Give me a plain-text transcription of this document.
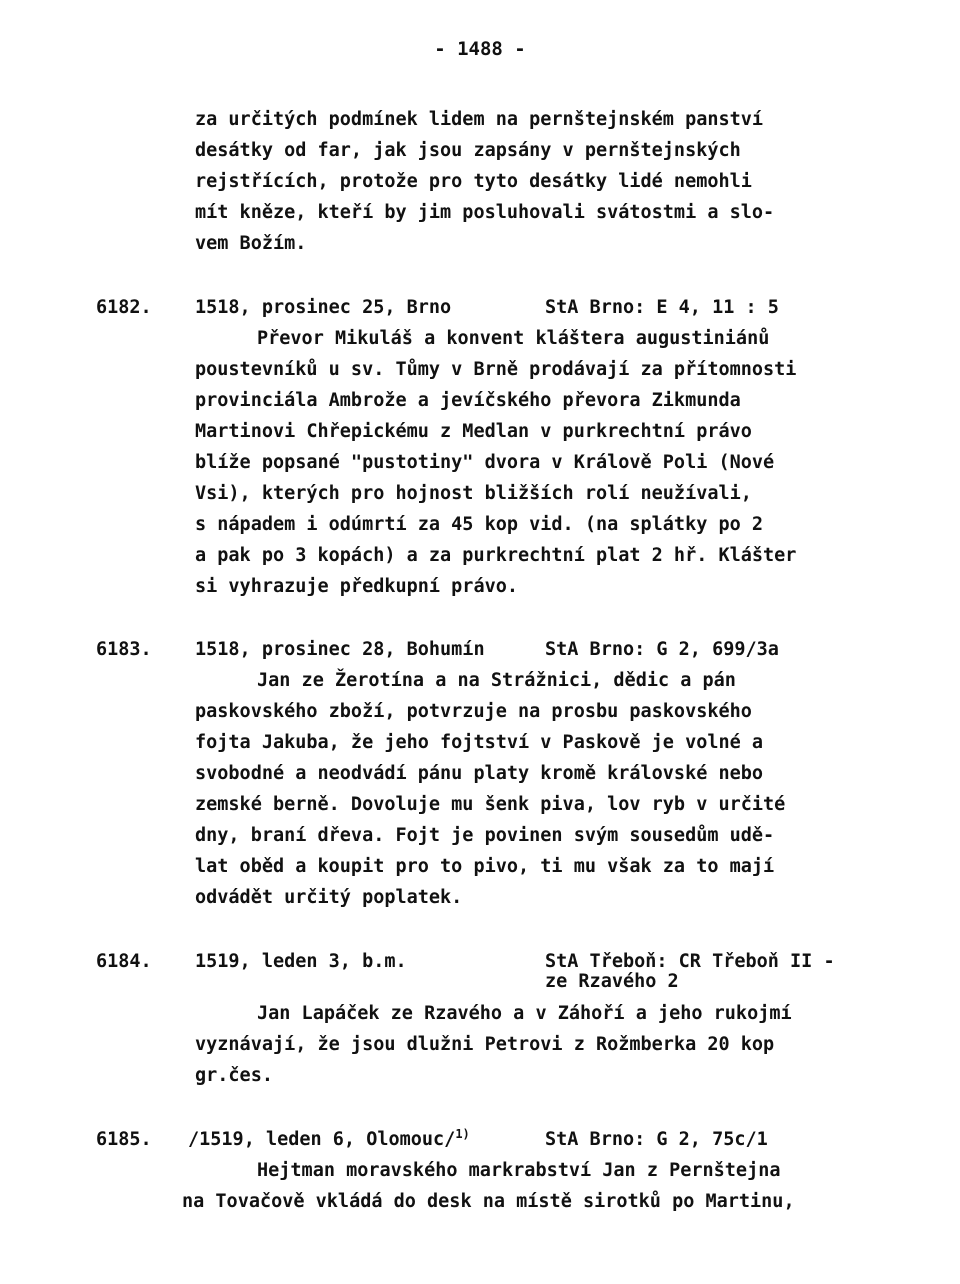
- 1488 -
za určitých podmínek lidem na pernštejnském panství
desátky od far, jak jsou zapsány v pernštejnských
rejstřících, protože pro tyto desátky lidé nemohli
mít kněze, kteří by jim posluhovali svátostmi a slo-
vem Božím.
6182. 1518, prosinec 25, Brno	StA Brno: E 4, 11 : 5
Převor Mikuláš a konvent kláštera augustiniánů
poustevníků u sv. Tůmy v Brně prodávají za přítomnosti
provinciála Ambrože a jevíčského převora Zikmunda
Martinovi Chřepickému z Medlan v purkrechtní právo
blíže popsané "pustotiny" dvora v Králově Poli (Nové
Vsi), kterých pro hojnost bližších rolí neužívali,
s nápadem i odúmrtí za 45 kop vid. (na splátky po 2
a pak po 3 kopách) a za purkrechtní plat 2 hř. Klášter
si vyhrazuje předkupní právo.
6183. 1518, prosinec 28, Bohumín	StA Brno: G 2, 699/3a
Jan ze Žerotína a na Strážnici, dědic a pán
paskovského zboží, potvrzuje na prosbu paskovského
fojta Jakuba, že jeho fojtství v Paskově je volné a
svobodné a neodvádí pánu platy kromě královské nebo
zemské berně. Dovoluje mu šenk piva, lov ryb v určité
dny, braní dřeva. Fojt je povinen svým sousedům udě-
lat oběd a koupit pro to pivo, ti mu však za to mají
odvádět určitý poplatek.
6184. 1519, leden 3, b.m.	StA Třeboň: CR Třeboň II -
ze Rzavého 2
Jan Lapáček ze Rzavého a v Záhoří a jeho rukojmí
vyznávají, že jsou dlužni Petrovi z Rožmberka 20 kop
gr.čes.
6185. /1519, leden 6, Olomouc/$^{1)}$	StA Brno: G 2, 75c/1
Hejtman moravského markrabství Jan z Pernštejna
na Tovačově vkládá do desk na místě sirotků po Martinu,
